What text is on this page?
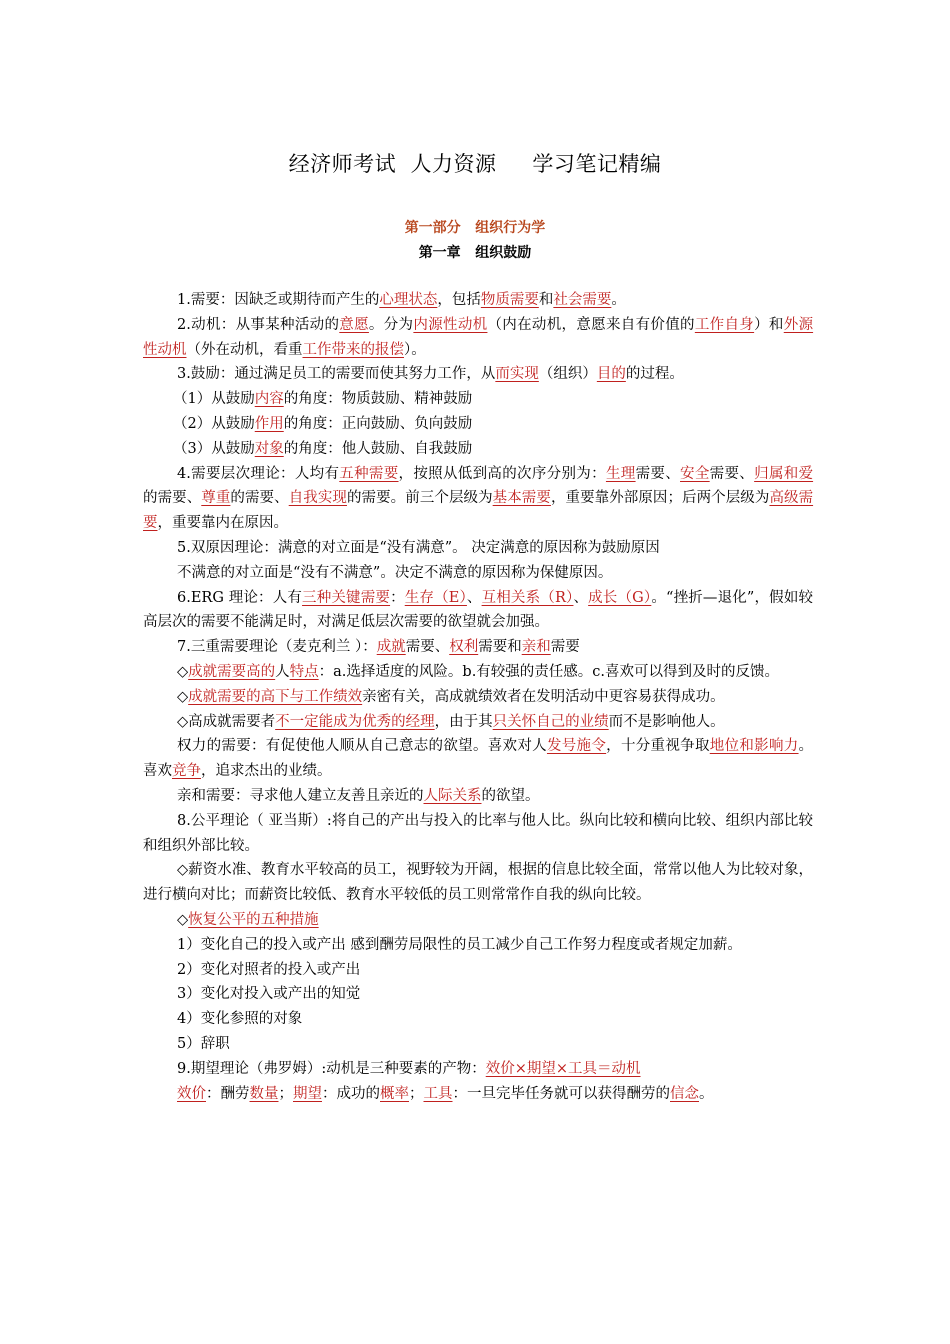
经济师考试  人力资源     学习笔记精编
第一部分   组织行为学
第一章   组织鼓励

1.需要：因缺乏或期待而产生的心理状态，包括物质需要和社会需要。

2.动机：从事某种活动的意愿。分为内源性动机（内在动机，意愿来自有价值的工作自身）和外源性动机（外在动机，看重工作带来的报偿）。

3.鼓励：通过满足员工的需要而使其努力工作，从而实现（组织）目的的过程。

（1）从鼓励内容的角度：物质鼓励、精神鼓励

（2）从鼓励作用的角度：正向鼓励、负向鼓励

（3）从鼓励对象的角度：他人鼓励、自我鼓励

4.需要层次理论：人均有五种需要，按照从低到高的次序分别为：生理需要、安全需要、归属和爱的需要、尊重的需要、自我实现的需要。前三个层级为基本需要，重要靠外部原因；后两个层级为高级需要，重要靠内在原因。

5.双原因理论：满意的对立面是“没有满意”。 决定满意的原因称为鼓励原因

不满意的对立面是“没有不满意”。决定不满意的原因称为保健原因。

6.ERG 理论：人有三种关键需要：生存（E）、互相关系（R）、成长（G）。“挫折—退化”，假如较高层次的需要不能满足时，对满足低层次需要的欲望就会加强。

7.三重需要理论（麦克利兰 ）：成就需要、权利需要和亲和需要

◇成就需要高的人特点：a.选择适度的风险。b.有较强的责任感。c.喜欢可以得到及时的反馈。

◇成就需要的高下与工作绩效亲密有关，高成就绩效者在发明活动中更容易获得成功。

◇高成就需要者不一定能成为优秀的经理，由于其只关怀自己的业绩而不是影响他人。

权力的需要：有促使他人顺从自己意志的欲望。喜欢对人发号施令，十分重视争取地位和影响力。喜欢竞争，追求杰出的业绩。

亲和需要：寻求他人建立友善且亲近的人际关系的欲望。

8.公平理论（ 亚当斯）:将自己的产出与投入的比率与他人比。纵向比较和横向比较、组织内部比较和组织外部比较。

◇薪资水准、教育水平较高的员工，视野较为开阔，根据的信息比较全面，常常以他人为比较对象，进行横向对比；而薪资比较低、教育水平较低的员工则常常作自我的纵向比较。

◇恢复公平的五种措施

1）变化自己的投入或产出 感到酬劳局限性的员工减少自己工作努力程度或者规定加薪。

2）变化对照者的投入或产出

3）变化对投入或产出的知觉

4）变化参照的对象

5）辞职

9.期望理论（弗罗姆）:动机是三种要素的产物：效价×期望×工具＝动机

效价：酬劳数量；期望：成功的概率；工具：一旦完毕任务就可以获得酬劳的信念。
